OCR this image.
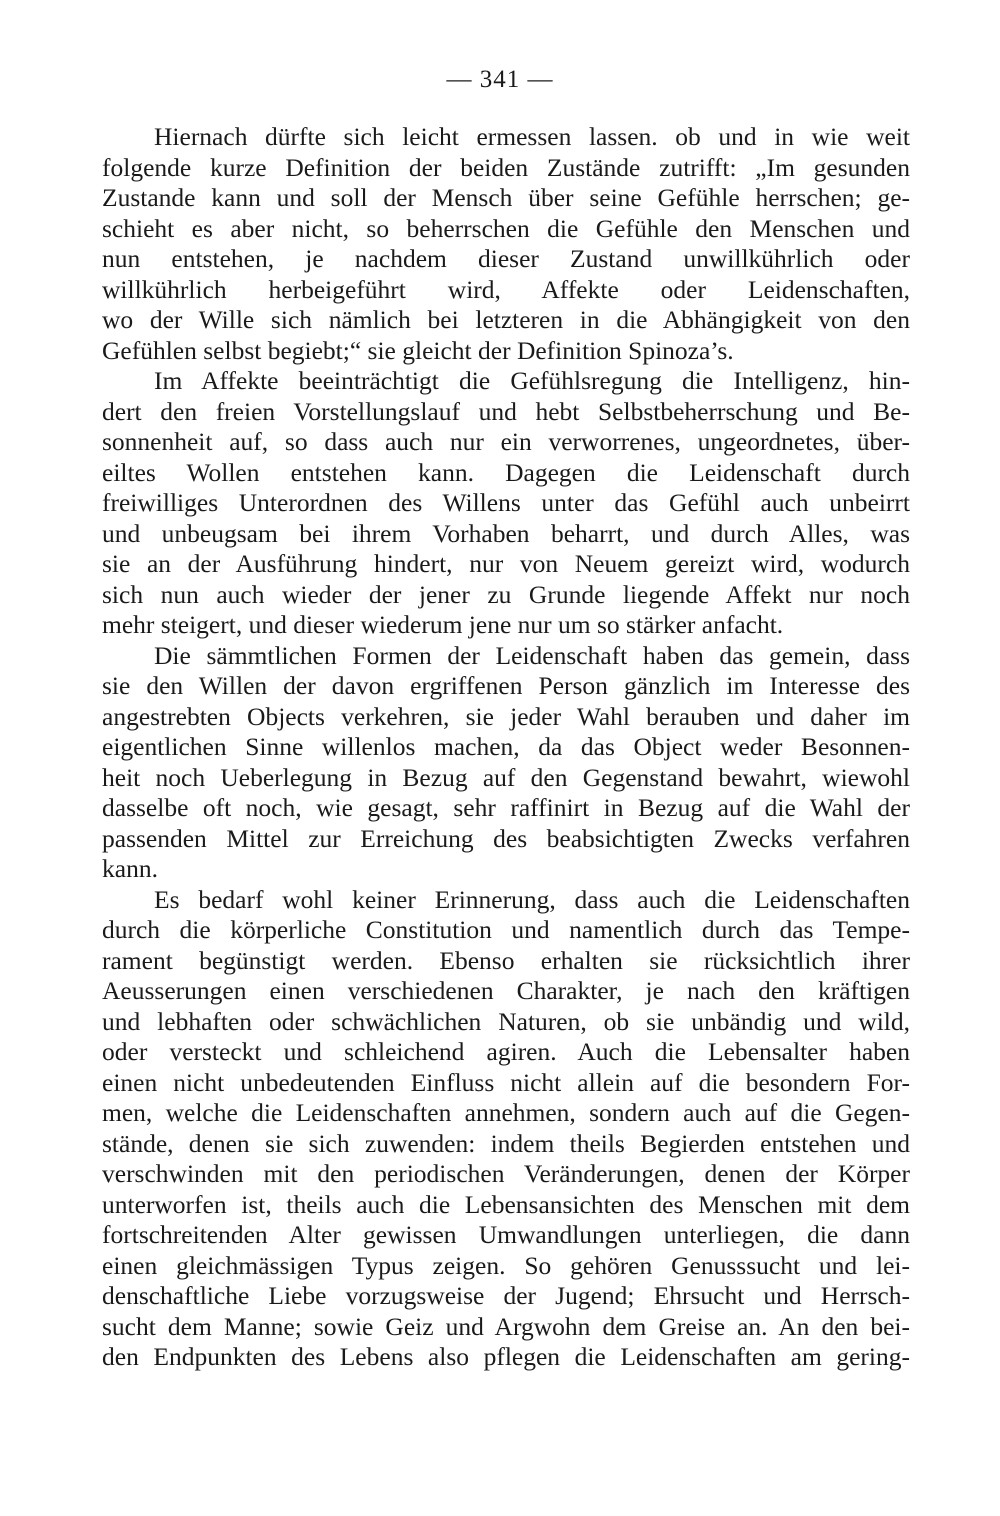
— 341 —
Hiernach dürfte sich leicht ermessen lassen. ob und in wie weit
folgende kurze Definition der beiden Zustände zutrifft: „Im gesunden
Zustande kann und soll der Mensch über seine Gefühle herrschen; ge-
schieht es aber nicht, so beherrschen die Gefühle den Menschen und
nun entstehen, je nachdem dieser Zustand unwillkührlich oder
willkührlich herbeigeführt wird, Affekte oder Leidenschaften,
wo der Wille sich nämlich bei letzteren in die Abhängigkeit von den
Gefühlen selbst begiebt;“ sie gleicht der Definition Spinoza’s.
Im Affekte beeinträchtigt die Gefühlsregung die Intelligenz, hin-
dert den freien Vorstellungslauf und hebt Selbstbeherrschung und Be-
sonnenheit auf, so dass auch nur ein verworrenes, ungeordnetes, über-
eiltes Wollen entstehen kann. Dagegen die Leidenschaft durch
freiwilliges Unterordnen des Willens unter das Gefühl auch unbeirrt
und unbeugsam bei ihrem Vorhaben beharrt, und durch Alles, was
sie an der Ausführung hindert, nur von Neuem gereizt wird, wodurch
sich nun auch wieder der jener zu Grunde liegende Affekt nur noch
mehr steigert, und dieser wiederum jene nur um so stärker anfacht.
Die sämmtlichen Formen der Leidenschaft haben das gemein, dass
sie den Willen der davon ergriffenen Person gänzlich im Interesse des
angestrebten Objects verkehren, sie jeder Wahl berauben und daher im
eigentlichen Sinne willenlos machen, da das Object weder Besonnen-
heit noch Ueberlegung in Bezug auf den Gegenstand bewahrt, wiewohl
dasselbe oft noch, wie gesagt, sehr raffinirt in Bezug auf die Wahl der
passenden Mittel zur Erreichung des beabsichtigten Zwecks verfahren
kann.
Es bedarf wohl keiner Erinnerung, dass auch die Leidenschaften
durch die körperliche Constitution und namentlich durch das Tempe-
rament begünstigt werden. Ebenso erhalten sie rücksichtlich ihrer
Aeusserungen einen verschiedenen Charakter, je nach den kräftigen
und lebhaften oder schwächlichen Naturen, ob sie unbändig und wild,
oder versteckt und schleichend agiren. Auch die Lebensalter haben
einen nicht unbedeutenden Einfluss nicht allein auf die besondern For-
men, welche die Leidenschaften annehmen, sondern auch auf die Gegen-
stände, denen sie sich zuwenden: indem theils Begierden entstehen und
verschwinden mit den periodischen Veränderungen, denen der Körper
unterworfen ist, theils auch die Lebensansichten des Menschen mit dem
fortschreitenden Alter gewissen Umwandlungen unterliegen, die dann
einen gleichmässigen Typus zeigen. So gehören Genusssucht und lei-
denschaftliche Liebe vorzugsweise der Jugend; Ehrsucht und Herrsch-
sucht dem Manne; sowie Geiz und Argwohn dem Greise an. An den bei-
den Endpunkten des Lebens also pflegen die Leidenschaften am gering-
